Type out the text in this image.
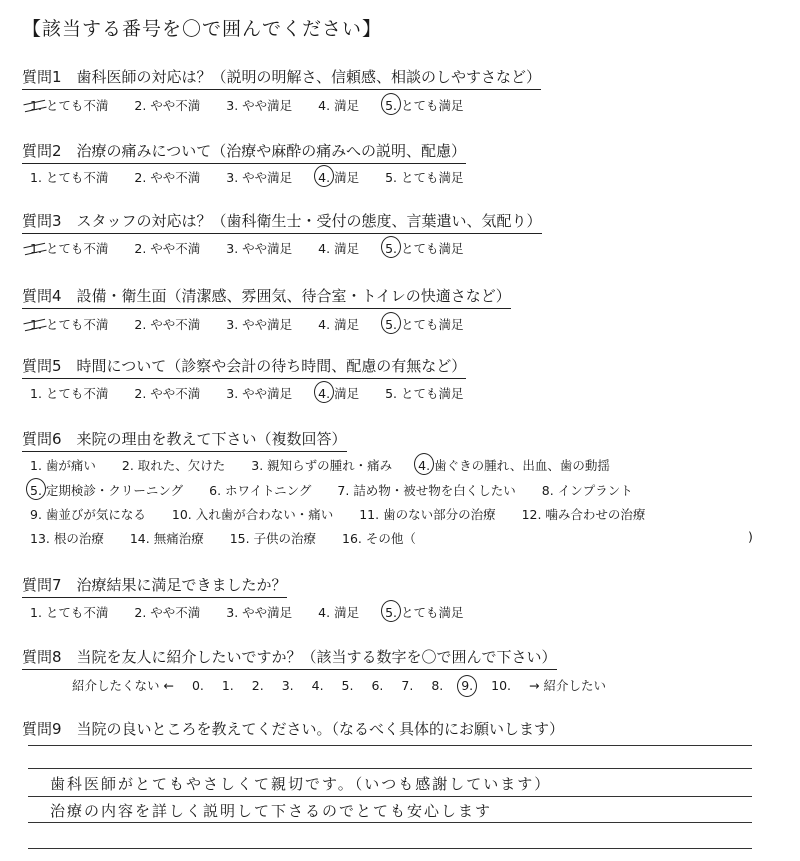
【該当する番号を〇で囲んでください】
質問1　歯科医師の対応は？（説明の明解さ、信頼感、相談のしやすさなど）
1. とても不満 2. やや不満 3. やや満足 4. 満足 5. とても満足
質問2　治療の痛みについて（治療や麻酔の痛みへの説明、配慮）
1. とても不満 2. やや不満 3. やや満足 4. 満足 5. とても満足
質問3　スタッフの対応は？（歯科衛生士・受付の態度、言葉遣い、気配り）
1. とても不満 2. やや不満 3. やや満足 4. 満足 5. とても満足
質問4　設備・衛生面（清潔感、雰囲気、待合室・トイレの快適さなど）
1. とても不満 2. やや不満 3. やや満足 4. 満足 5. とても満足
質問5　時間について（診察や会計の待ち時間、配慮の有無など）
1. とても不満 2. やや不満 3. やや満足 4. 満足 5. とても満足
質問6　来院の理由を教えて下さい（複数回答）
1. 歯が痛い 2. 取れた、欠けた 3. 親知らずの腫れ・痛み 4. 歯ぐきの腫れ、出血、歯の動揺
5. 定期検診・クリーニング 6. ホワイトニング 7. 詰め物・被せ物を白くしたい 8. インプラント
9. 歯並びが気になる 10. 入れ歯が合わない・痛い 11. 歯のない部分の治療 12. 噛み合わせの治療
13. 根の治療 14. 無痛治療 15. 子供の治療 16. その他（	)
質問7　治療結果に満足できましたか？
1. とても不満 2. やや不満 3. やや満足 4. 満足 5. とても満足
質問8　当院を友人に紹介したいですか？（該当する数字を〇で囲んで下さい）
紹介したくない ← 0. 1. 2. 3. 4. 5. 6. 7. 8. 9. 10. → 紹介したい
質問9　当院の良いところを教えてください。（なるべく具体的にお願いします）
歯科医師がとてもやさしくて親切です。（いつも感謝しています）
治療の内容を詳しく説明して下さるのでとても安心します
